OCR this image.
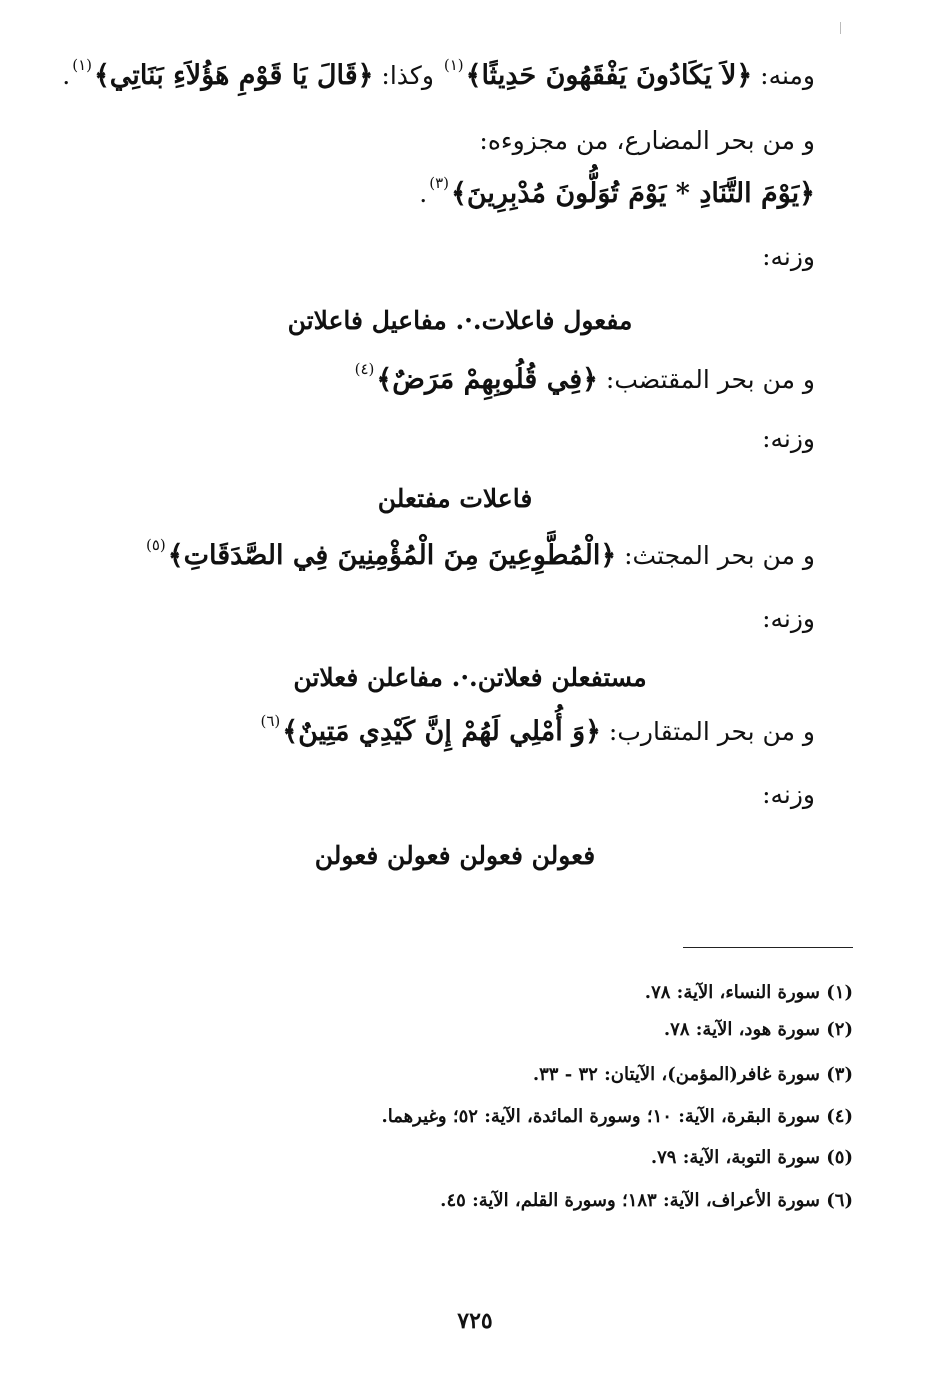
ومنه: ﴿لاَ يَكَادُونَ يَفْقَهُونَ حَدِيثًا﴾$^{(١)}$ وكذا: ﴿قَالَ يَا قَوْمِ هَؤُلاَءِ بَنَاتِي﴾$^{(١)}$.
و من بحر المضارع، من مجزوءه:
﴿يَوْمَ التَّنَادِ * يَوْمَ تُوَلُّونَ مُدْبِرِينَ﴾$^{(٣)}$.
وزنه:
مفعول فاعلات.·. مفاعيل فاعلاتن
و من بحر المقتضب: ﴿فِي قُلُوبِهِمْ مَرَضٌ﴾$^{(٤)}$
وزنه:
فاعلات مفتعلن
و من بحر المجتث: ﴿الْمُطَّوِعِينَ مِنَ الْمُؤْمِنِينَ فِي الصَّدَقَاتِ﴾$^{(٥)}$
وزنه:
مستفعلن فعلاتن.·. مفاعلن فعلاتن
و من بحر المتقارب: ﴿وَ أُمْلِي لَهُمْ إِنَّ كَيْدِي مَتِينٌ﴾$^{(٦)}$
وزنه:
فعولن فعولن فعولن فعولن
(١) سورة النساء، الآية: ٧٨.
(٢) سورة هود، الآية: ٧٨.
(٣) سورة غافر(المؤمن)، الآيتان: ٣٢ - ٣٣.
(٤) سورة البقرة، الآية: ١٠؛ وسورة المائدة، الآية: ٥٢؛ وغيرهما.
(٥) سورة التوبة، الآية: ٧٩.
(٦) سورة الأعراف، الآية: ١٨٣؛ وسورة القلم، الآية: ٤٥.
٧٢٥
